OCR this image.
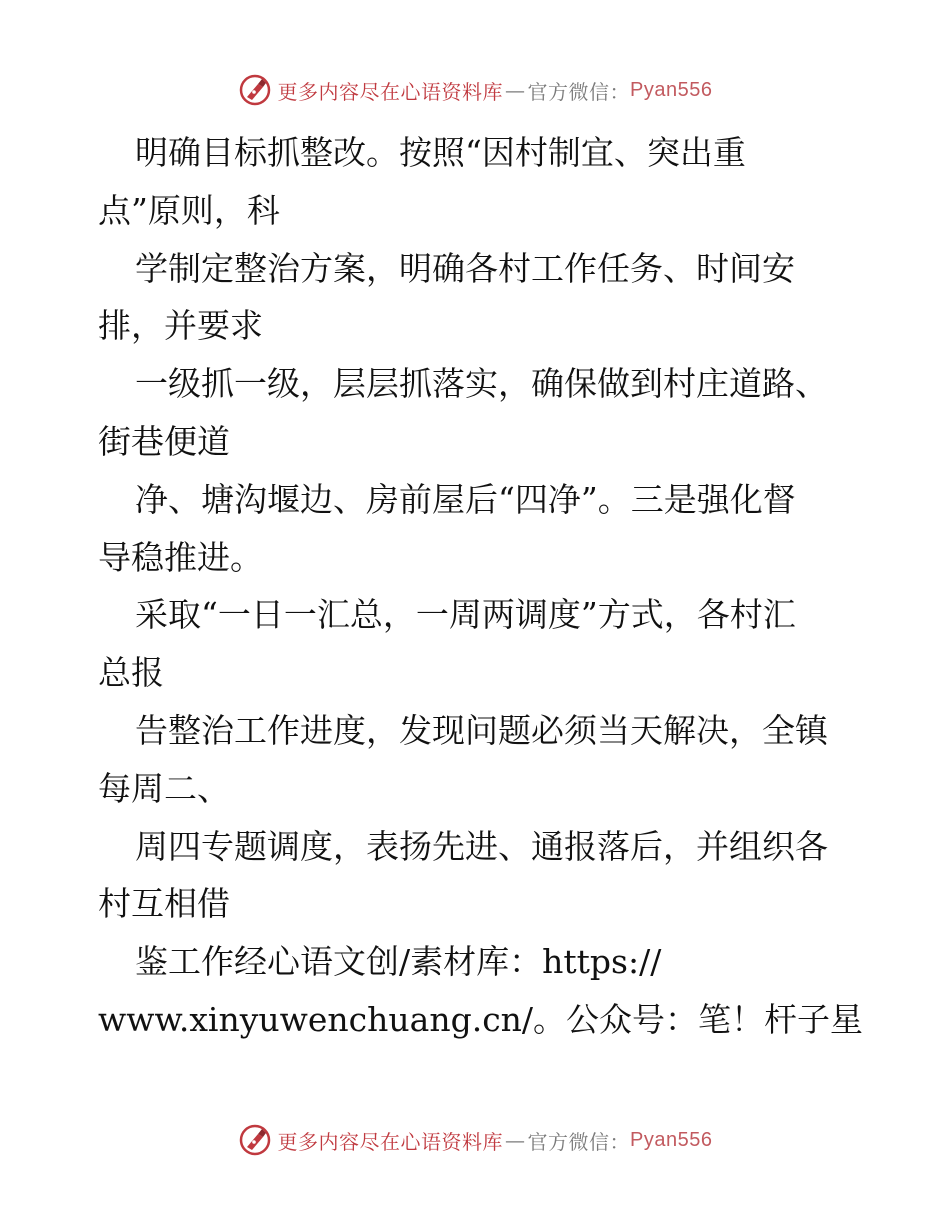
更多内容尽在心语资料库 — 官方微信： Pyan556
明确目标抓整改。按照“因村制宜、突出重
点”原则，科
学制定整治方案，明确各村工作任务、时间安
排，并要求
一级抓一级，层层抓落实，确保做到村庄道路、
街巷便道
净、塘沟堰边、房前屋后“四净”。三是强化督
导稳推进。
采取“一日一汇总，一周两调度”方式，各村汇
总报
告整治工作进度，发现问题必须当天解决，全镇
每周二、
周四专题调度，表扬先进、通报落后，并组织各
村互相借
鉴工作经心语文创/素材库：https://
www.xinyuwenchuang.cn/。公众号：笔！杆子星
更多内容尽在心语资料库 — 官方微信： Pyan556
